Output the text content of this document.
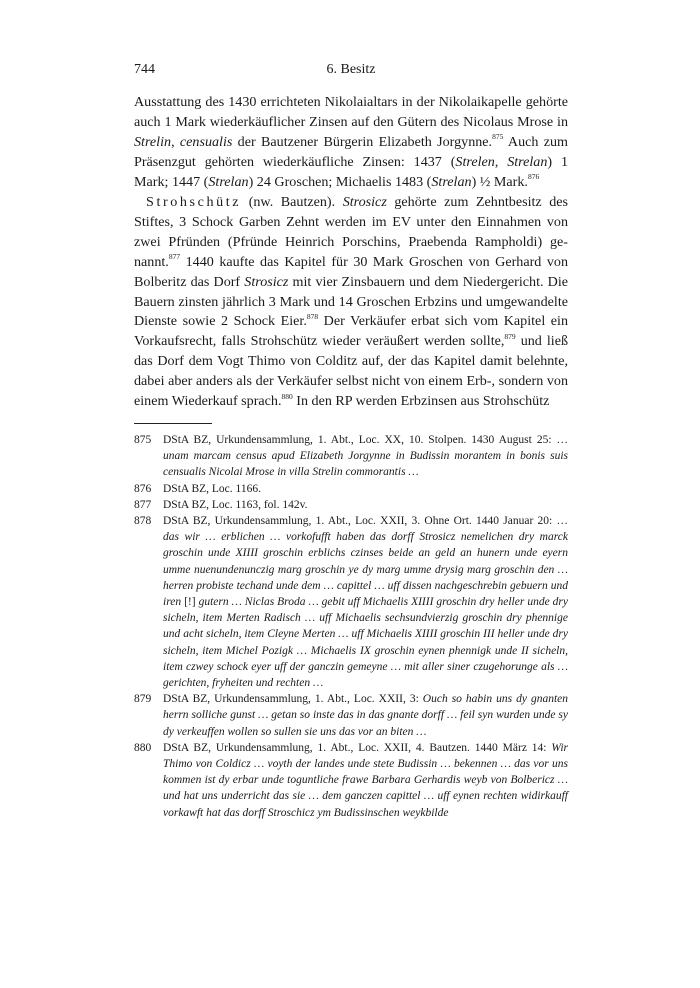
744	6. Besitz

Ausstattung des 1430 errichteten Nikolaialtars in der Nikolaikapelle gehörte auch 1 Mark wiederkäuflicher Zinsen auf den Gütern des Nicolaus Mrose in Strelin, censualis der Bautzener Bürgerin Elizabeth Jorgynne.$^{875}$ Auch zum Präsenzgut gehörten wiederkäufliche Zinsen: 1437 (Strelen, Strelan) 1 Mark; 1447 (Strelan) 24 Groschen; Michaelis 1483 (Strelan) ½ Mark.$^{876}$

Strohschütz (nw. Bautzen). Strosicz gehörte zum Zehntbesitz des Stiftes, 3 Schock Garben Zehnt werden im EV unter den Einnahmen von zwei Pfründen (Pfründe Heinrich Porschins, Praebenda Rampholdi) genannt.$^{877}$ 1440 kaufte das Kapitel für 30 Mark Groschen von Gerhard von Bolberitz das Dorf Strosicz mit vier Zinsbauern und dem Niedergericht. Die Bauern zinsten jährlich 3 Mark und 14 Groschen Erbzins und umgewandelte Dienste sowie 2 Schock Eier.$^{878}$ Der Verkäufer erbat sich vom Kapitel ein Vorkaufsrecht, falls Strohschütz wieder veräußert werden sollte,$^{879}$ und ließ das Dorf dem Vogt Thimo von Colditz auf, der das Kapitel damit belehnte, dabei aber anders als der Verkäufer selbst nicht von einem Erb-, sondern von einem Wiederkauf sprach.$^{880}$ In den RP werden Erbzinsen aus Strohschütz

875	DStA BZ, Urkundensammlung, 1. Abt., Loc. XX, 10. Stolpen. 1430 August 25: … unam marcam census apud Elizabeth Jorgynne in Budissin morantem in bonis suis censualis Nicolai Mrose in villa Strelin commorantis …
876	DStA BZ, Loc. 1166.
877	DStA BZ, Loc. 1163, fol. 142v.
878	DStA BZ, Urkundensammlung, 1. Abt., Loc. XXII, 3. Ohne Ort. 1440 Januar 20: … das wir … erblichen … vorkofufft haben das dorff Strosicz nemelichen dry marck groschin unde XIIII groschin erblichs czinses beide an geld an hunern unde eyern umme nuenundenunczig marg groschin ye dy marg umme drysig marg groschin den … herren probiste techand unde dem … capittel … uff dissen nachgeschrebin gebuern und iren [!] gutern … Niclas Broda … gebit uff Michaelis XIIII groschin dry heller unde dry sicheln, item Merten Radisch … uff Michaelis sechsundvierzig groschin dry phennige und acht sicheln, item Cleyne Merten … uff Michaelis XIIII groschin III heller unde dry sicheln, item Michel Pozigk … Michaelis IX groschin eynen phennigk unde II sicheln, item czwey schock eyer uff der ganczin gemeyne … mit aller siner czugehorunge als … gerichten, fryheiten und rechten …
879	DStA BZ, Urkundensammlung, 1. Abt., Loc. XXII, 3: Ouch so habin uns dy gnanten herrn solliche gunst … getan so inste das in das gnante dorff … feil syn wurden unde sy dy verkeuffen wollen so sullen sie uns das vor an biten …
880	DStA BZ, Urkundensammlung, 1. Abt., Loc. XXII, 4. Bautzen. 1440 März 14: Wir Thimo von Coldicz … voyth der landes unde stete Budissin … bekennen … das vor uns kommen ist dy erbar unde toguntliche frawe Barbara Gerhardis weyb von Bolbericz … und hat uns underricht das sie … dem ganczen capittel … uff eynen rechten widirkauff vorkawft hat das dorff Stroschicz ym Budissinschen weykbilde
